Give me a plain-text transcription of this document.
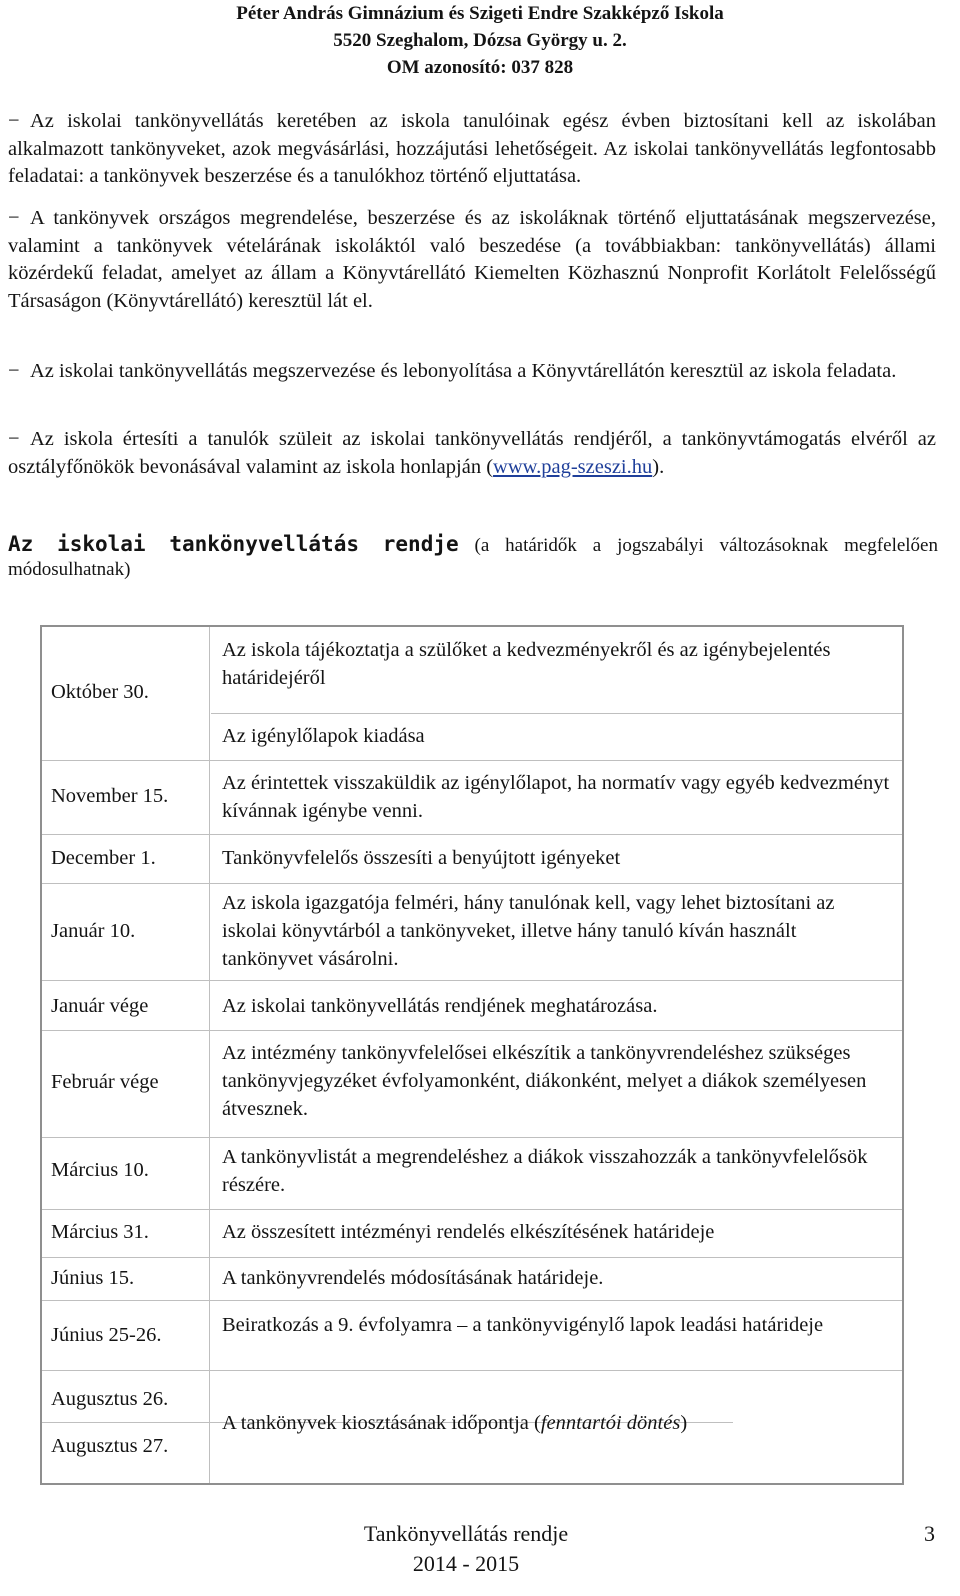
Péter András Gimnázium és Szigeti Endre Szakképző Iskola
5520 Szeghalom, Dózsa György u. 2.
OM azonosító: 037 828
− Az iskolai tankönyvellátás keretében az iskola tanulóinak egész évben biztosítani kell az iskolában alkalmazott tankönyveket, azok megvásárlási, hozzájutási lehetőségeit. Az iskolai tankönyvellátás legfontosabb feladatai: a tankönyvek beszerzése és a tanulókhoz történő eljuttatása.
− A tankönyvek országos megrendelése, beszerzése és az iskoláknak történő eljuttatásának megszervezése, valamint a tankönyvek vételárának iskoláktól való beszedése (a továbbiakban: tankönyvellátás) állami közérdekű feladat, amelyet az állam a Könyvtárellátó Kiemelten Közhasznú Nonprofit Korlátolt Felelősségű Társaságon (Könyvtárellátó) keresztül lát el.
− Az iskolai tankönyvellátás megszervezése és lebonyolítása a Könyvtárellátón keresztül az iskola feladata.
− Az iskola értesíti a tanulók szüleit az iskolai tankönyvellátás rendjéről, a tankönyvtámogatás elvéről az osztályfőnökök bevonásával valamint az iskola honlapján (www.pag-szeszi.hu).
Az iskolai tankönyvellátás rendje (a határidők a jogszabályi változásoknak megfelelően módosulhatnak)
Október 30.
November 15.
December 1.
Január 10.
Január vége
Február vége
Március 10.
Március 31.
Június 15.
Június 25-26.
Augusztus 26.
Augusztus 27.
Az iskola tájékoztatja a szülőket a kedvezményekről és az igénybejelentés határidejéről
Az igénylőlapok kiadása
Az érintettek visszaküldik az igénylőlapot, ha normatív vagy egyéb kedvezményt kívánnak igénybe venni.
Tankönyvfelelős összesíti a benyújtott igényeket
Az iskola igazgatója felméri, hány tanulónak kell, vagy lehet biztosítani az iskolai könyvtárból a tankönyveket, illetve hány tanuló kíván használt tankönyvet vásárolni.
Az iskolai tankönyvellátás rendjének meghatározása.
Az intézmény tankönyvfelelősei elkészítik a tankönyvrendeléshez szükséges tankönyvjegyzéket évfolyamonként, diákonként, melyet a diákok személyesen átvesznek.
A tankönyvlistát a megrendeléshez a diákok visszahozzák a tankönyvfelelősök részére.
Az összesített intézményi rendelés elkészítésének határideje
A tankönyvrendelés módosításának határideje.
Beiratkozás a 9. évfolyamra – a tankönyvigénylő lapok leadási határideje
A tankönyvek kiosztásának időpontja (fenntartói döntés)
Tankönyvellátás rendje
2014 - 2015
3
